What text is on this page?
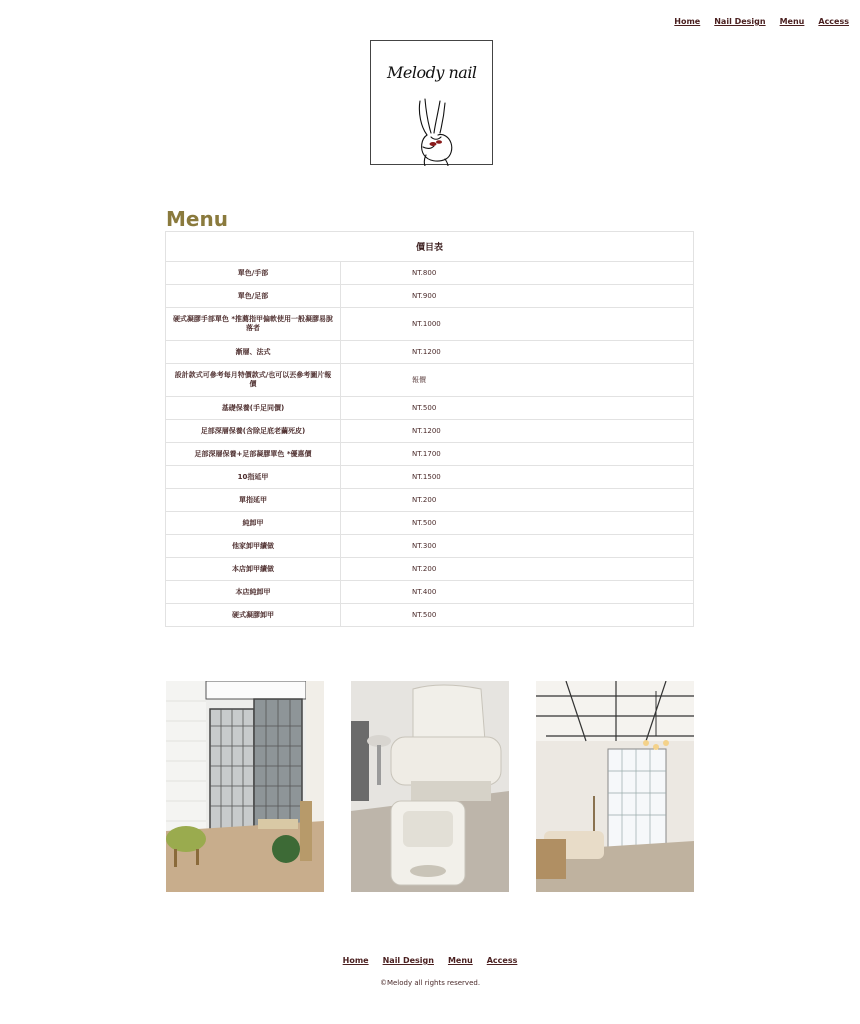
Home Nail Design Menu Access
Melody nail
Menu
價目表	
單色/手部	NT.800
單色/足部	NT.900
硬式凝膠手部單色 *推薦指甲偏軟使用一般凝膠易脫落者	NT.1000
漸層、法式	NT.1200
設計款式可參考每月特價款式/也可以丟參考圖片報價	報價
基礎保養(手足同價)	NT.500
足部深層保養(含除足底老繭死皮)	NT.1200
足部深層保養+足部凝膠單色 *優惠價	NT.1700
10指延甲	NT.1500
單指延甲	NT.200
純卸甲	NT.500
他家卸甲續做	NT.300
本店卸甲續做	NT.200
本店純卸甲	NT.400
硬式凝膠卸甲	NT.500
Home Nail Design Menu Access
©Melody all rights reserved.
